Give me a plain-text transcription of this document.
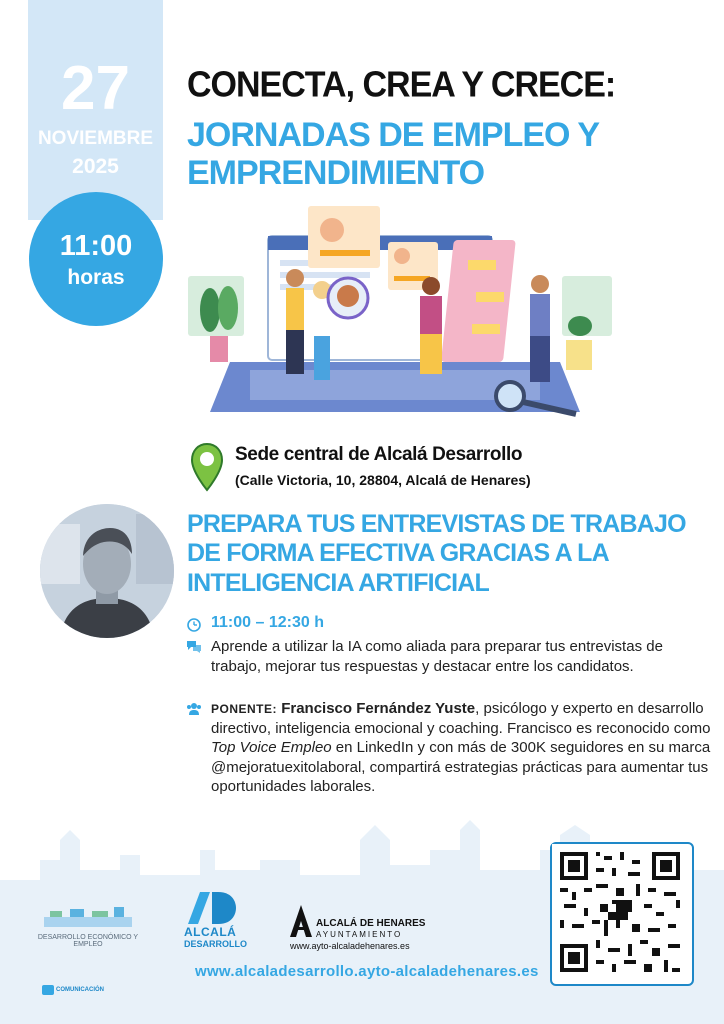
27
NOVIEMBRE
2025
11:00
horas
CONECTA, CREA Y CRECE:
JORNADAS DE EMPLEO Y EMPRENDIMIENTO
Sede central de Alcalá Desarrollo
(Calle Victoria, 10, 28804, Alcalá de Henares)
PREPARA TUS ENTREVISTAS DE TRABAJO DE FORMA EFECTIVA GRACIAS A LA INTELIGENCIA ARTIFICIAL
11:00 – 12:30 h
Aprende a utilizar la IA como aliada para preparar tus entrevistas de trabajo, mejorar tus respuestas y destacar entre los candidatos.
PONENTE: Francisco Fernández Yuste, psicólogo y experto en desarrollo directivo, inteligencia emocional y coaching. Francisco es reconocido como Top Voice Empleo en LinkedIn y con más de 300K seguidores en su marca @mejoratuexitolaboral, compartirá estrategias prácticas para aumentar tus oportunidades laborales.
DESARROLLO ECONÓMICO Y EMPLEO
ALCALÁ
DESARROLLO
ALCALÁ DE HENARES
AYUNTAMIENTO
www.ayto-alcaladehenares.es
COMUNICACIÓN
www.alcaladesarrollo.ayto-alcaladehenares.es
